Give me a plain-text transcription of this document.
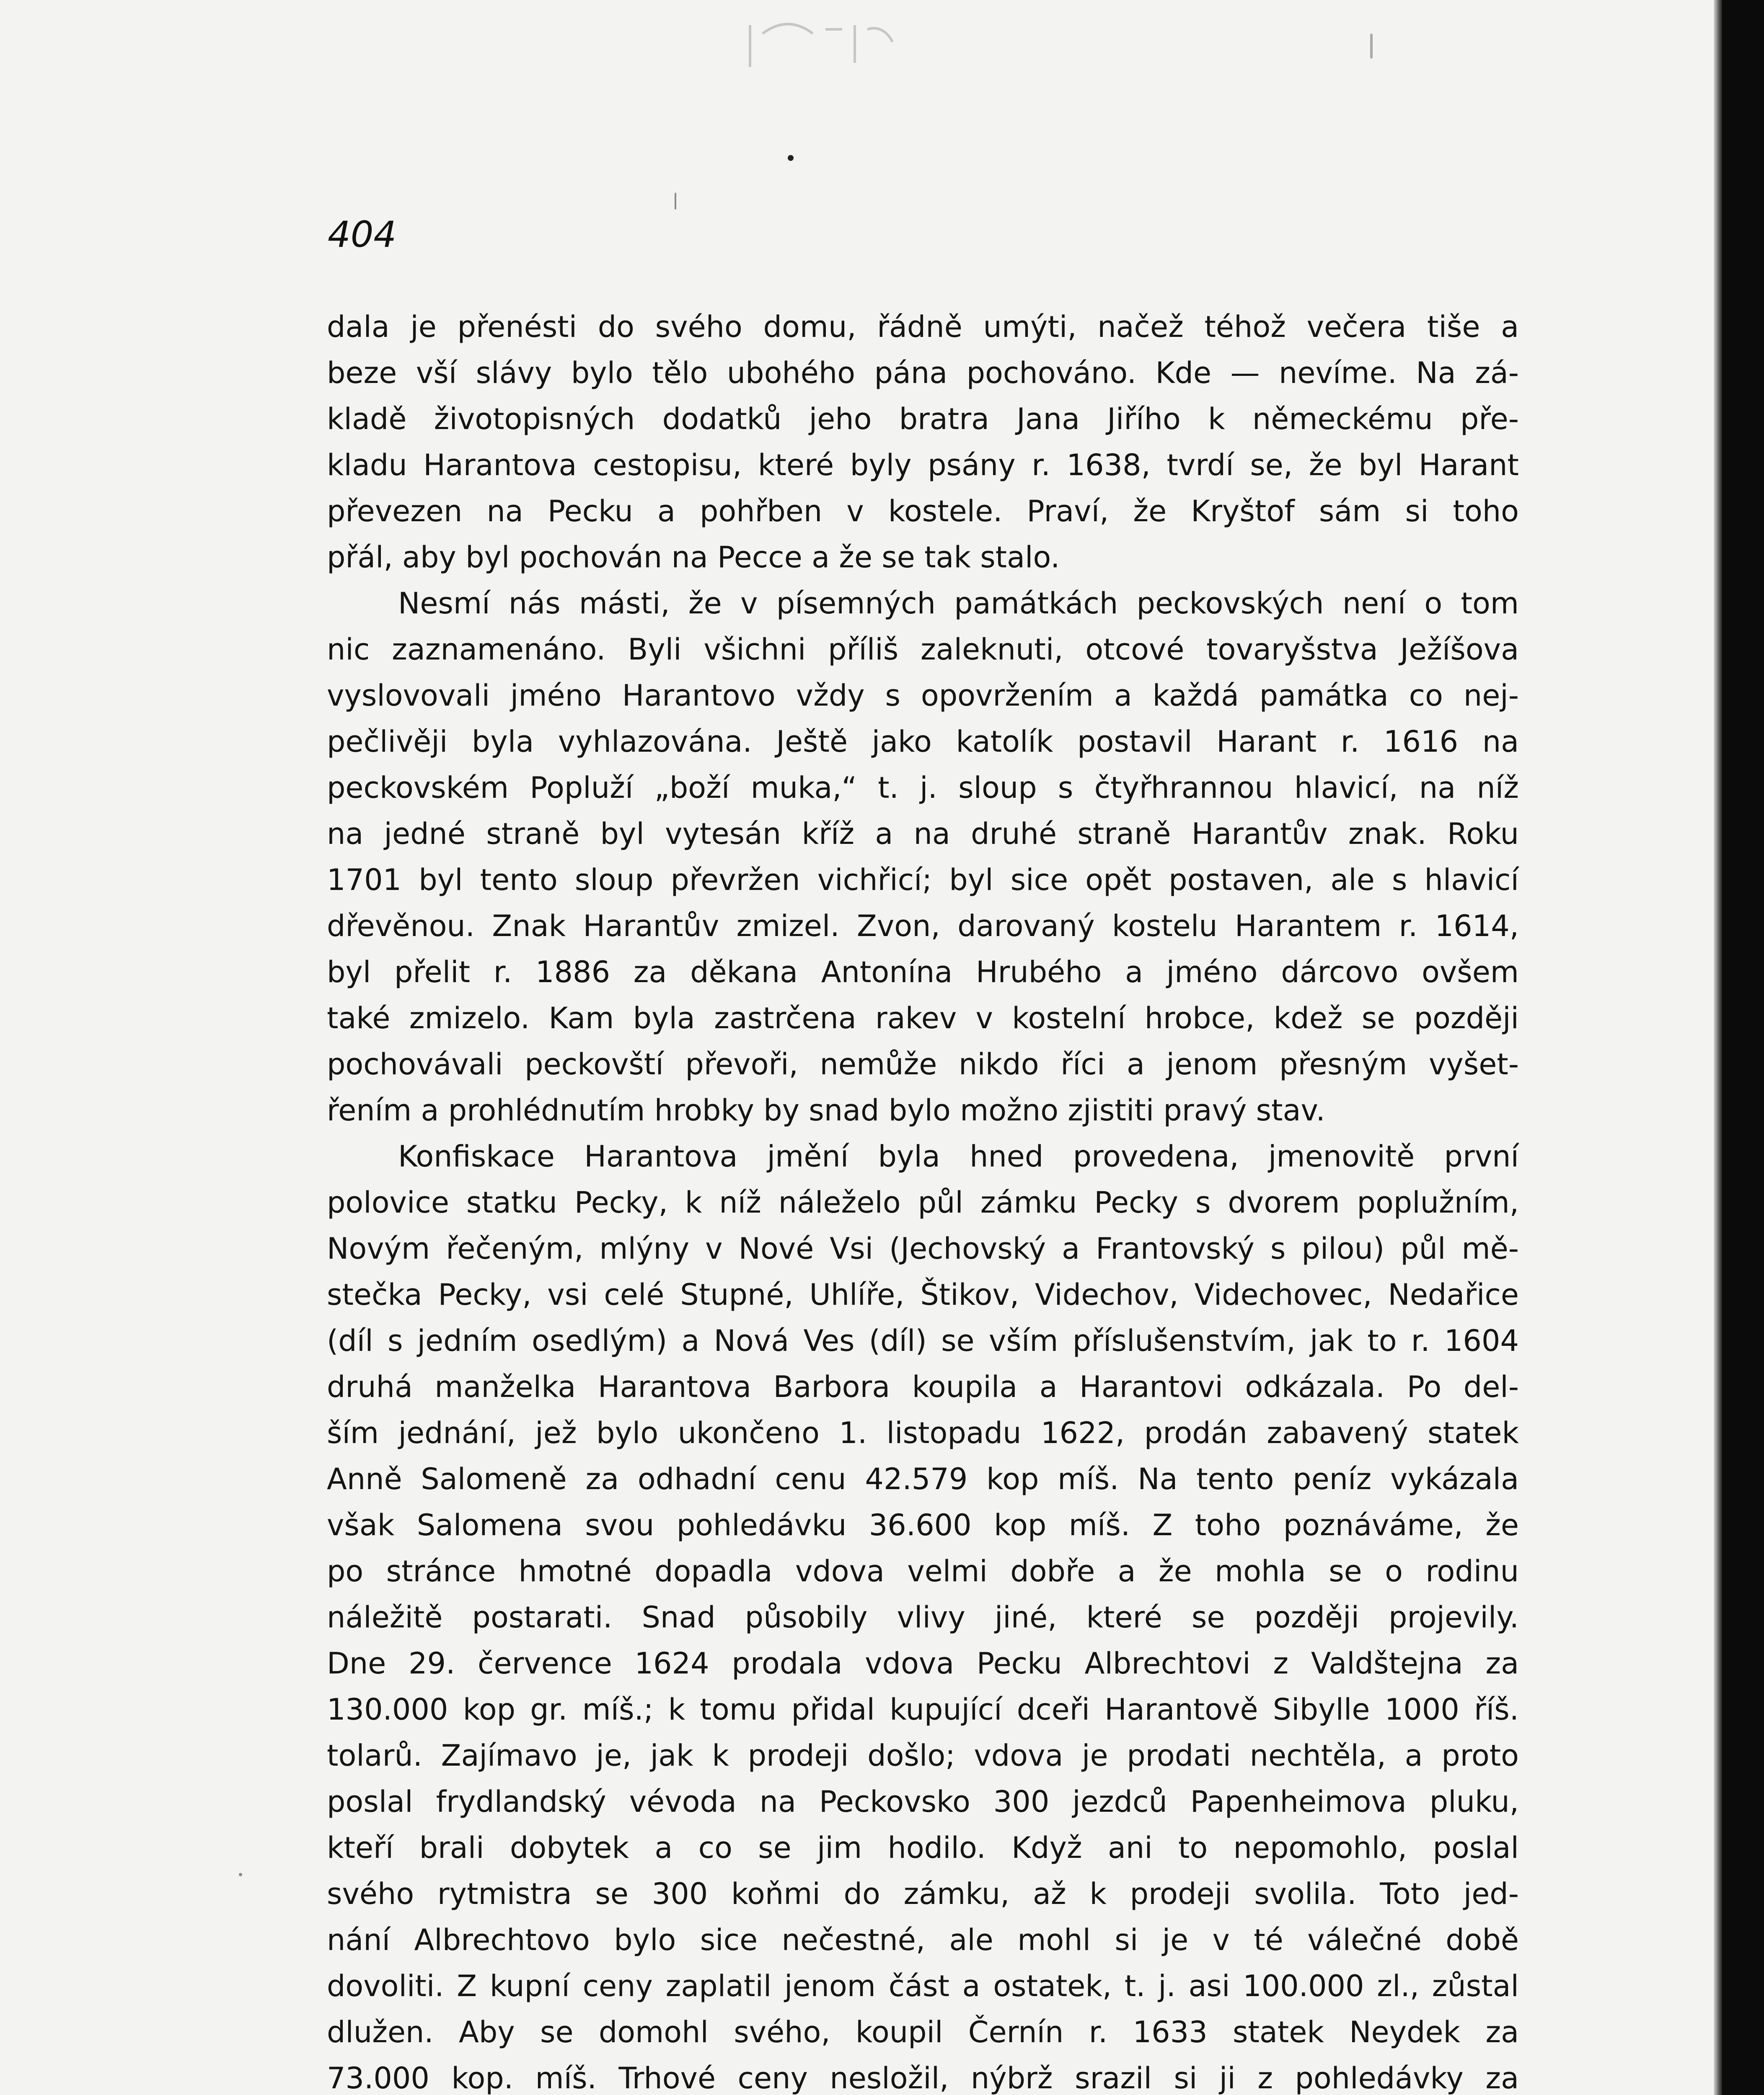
404

dala je přenésti do svého domu, řádně umýti, načež téhož večera tiše a
beze vší slávy bylo tělo ubohého pána pochováno. Kde — nevíme. Na zá-
kladě životopisných dodatků jeho bratra Jana Jiřího k německému pře-
kladu Harantova cestopisu, které byly psány r. 1638, tvrdí se, že byl Harant
převezen na Pecku a pohřben v kostele. Praví, že Kryštof sám si toho
přál, aby byl pochován na Pecce a že se tak stalo.
Nesmí nás másti, že v písemných památkách peckovských není o tom
nic zaznamenáno. Byli všichni příliš zaleknuti, otcové tovaryšstva Ježíšova
vyslovovali jméno Harantovo vždy s opovržením a každá památka co nej-
pečlivěji byla vyhlazována. Ještě jako katolík postavil Harant r. 1616 na
peckovském Popluží „boží muka,“ t. j. sloup s čtyřhrannou hlavicí, na níž
na jedné straně byl vytesán kříž a na druhé straně Harantův znak. Roku
1701 byl tento sloup převržen vichřicí; byl sice opět postaven, ale s hlavicí
dřevěnou. Znak Harantův zmizel. Zvon, darovaný kostelu Harantem r. 1614,
byl přelit r. 1886 za děkana Antonína Hrubého a jméno dárcovo ovšem
také zmizelo. Kam byla zastrčena rakev v kostelní hrobce, kdež se později
pochovávali peckovští převoři, nemůže nikdo říci a jenom přesným vyšet-
řením a prohlédnutím hrobky by snad bylo možno zjistiti pravý stav.
Konfiskace Harantova jmění byla hned provedena, jmenovitě první
polovice statku Pecky, k níž náleželo půl zámku Pecky s dvorem poplužním,
Novým řečeným, mlýny v Nové Vsi (Jechovský a Frantovský s pilou) půl mě-
stečka Pecky, vsi celé Stupné, Uhlíře, Štikov, Videchov, Videchovec, Nedařice
(díl s jedním osedlým) a Nová Ves (díl) se vším příslušenstvím, jak to r. 1604
druhá manželka Harantova Barbora koupila a Harantovi odkázala. Po del-
ším jednání, jež bylo ukončeno 1. listopadu 1622, prodán zabavený statek
Anně Salomeně za odhadní cenu 42.579 kop míš. Na tento peníz vykázala
však Salomena svou pohledávku 36.600 kop míš. Z toho poznáváme, že
po stránce hmotné dopadla vdova velmi dobře a že mohla se o rodinu
náležitě postarati. Snad působily vlivy jiné, které se později projevily.
Dne 29. července 1624 prodala vdova Pecku Albrechtovi z Valdštejna za
130.000 kop gr. míš.; k tomu přidal kupující dceři Harantově Sibylle 1000 říš.
tolarů. Zajímavo je, jak k prodeji došlo; vdova je prodati nechtěla, a proto
poslal frydlandský vévoda na Peckovsko 300 jezdců Papenheimova pluku,
kteří brali dobytek a co se jim hodilo. Když ani to nepomohlo, poslal
svého rytmistra se 300 koňmi do zámku, až k prodeji svolila. Toto jed-
nání Albrechtovo bylo sice nečestné, ale mohl si je v té válečné době
dovoliti. Z kupní ceny zaplatil jenom část a ostatek, t. j. asi 100.000 zl., zůstal
dlužen. Aby se domohl svého, koupil Černín r. 1633 statek Neydek za
73.000 kop. míš. Trhové ceny nesložil, nýbrž srazil si ji z pohledávky za
